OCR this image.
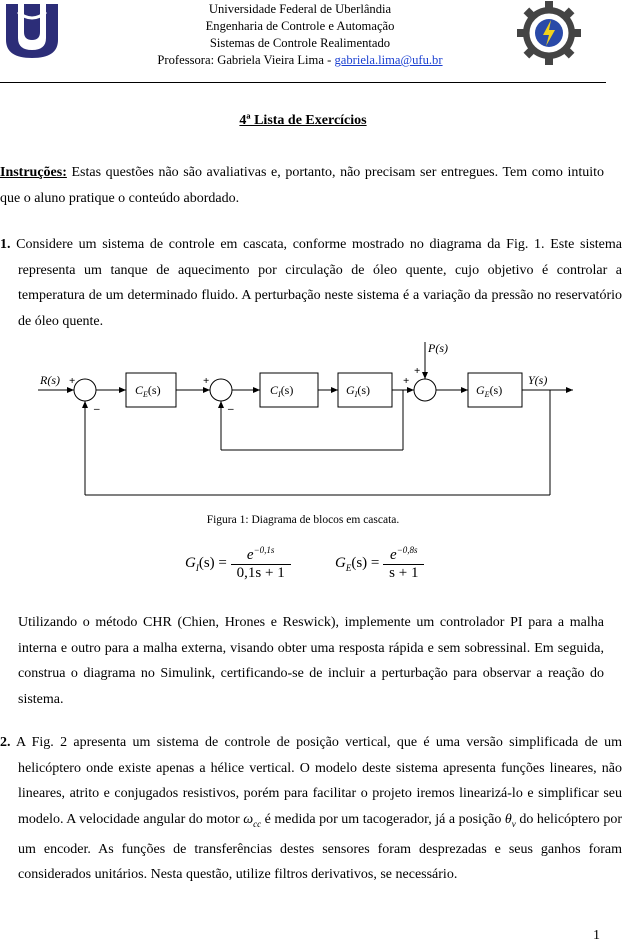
Universidade Federal de Uberlândia
Engenharia de Controle e Automação
Sistemas de Controle Realimentado
Professora: Gabriela Vieira Lima - gabriela.lima@ufu.br
4ª Lista de Exercícios
Instruções: Estas questões não são avaliativas e, portanto, não precisam ser entregues. Tem como intuito que o aluno pratique o conteúdo abordado.
1. Considere um sistema de controle em cascata, conforme mostrado no diagrama da Fig. 1. Este sistema representa um tanque de aquecimento por circulação de óleo quente, cujo objetivo é controlar a temperatura de um determinado fluido. A perturbação neste sistema é a variação da pressão no reservatório de óleo quente.
R(s)	Y(s)
P(s)
$C_E(s)$	$C_I(s)$	$G_I(s)$	$G_E(s)$
+
–
+
–
+
+
Figura 1: Diagrama de blocos em cascata.
$G_I(s) = \frac{e^{-0,1s}}{0,1s + 1}$	$G_E(s) = \frac{e^{-0,8s}}{s + 1}$
Utilizando o método CHR (Chien, Hrones e Reswick), implemente um controlador PI para a malha interna e outro para a malha externa, visando obter uma resposta rápida e sem sobressinal. Em seguida, construa o diagrama no Simulink, certificando-se de incluir a perturbação para observar a reação do sistema.
2. A Fig. 2 apresenta um sistema de controle de posição vertical, que é uma versão simplificada de um helicóptero onde existe apenas a hélice vertical. O modelo deste sistema apresenta funções lineares, não lineares, atrito e conjugados resistivos, porém para facilitar o projeto iremos linearizá-lo e simplificar seu modelo. A velocidade angular do motor $\omega_{cc}$ é medida por um tacogerador, já a posição $\theta_v$ do helicóptero por um encoder. As funções de transferências destes sensores foram desprezadas e seus ganhos foram considerados unitários. Nesta questão, utilize filtros derivativos, se necessário.
1
